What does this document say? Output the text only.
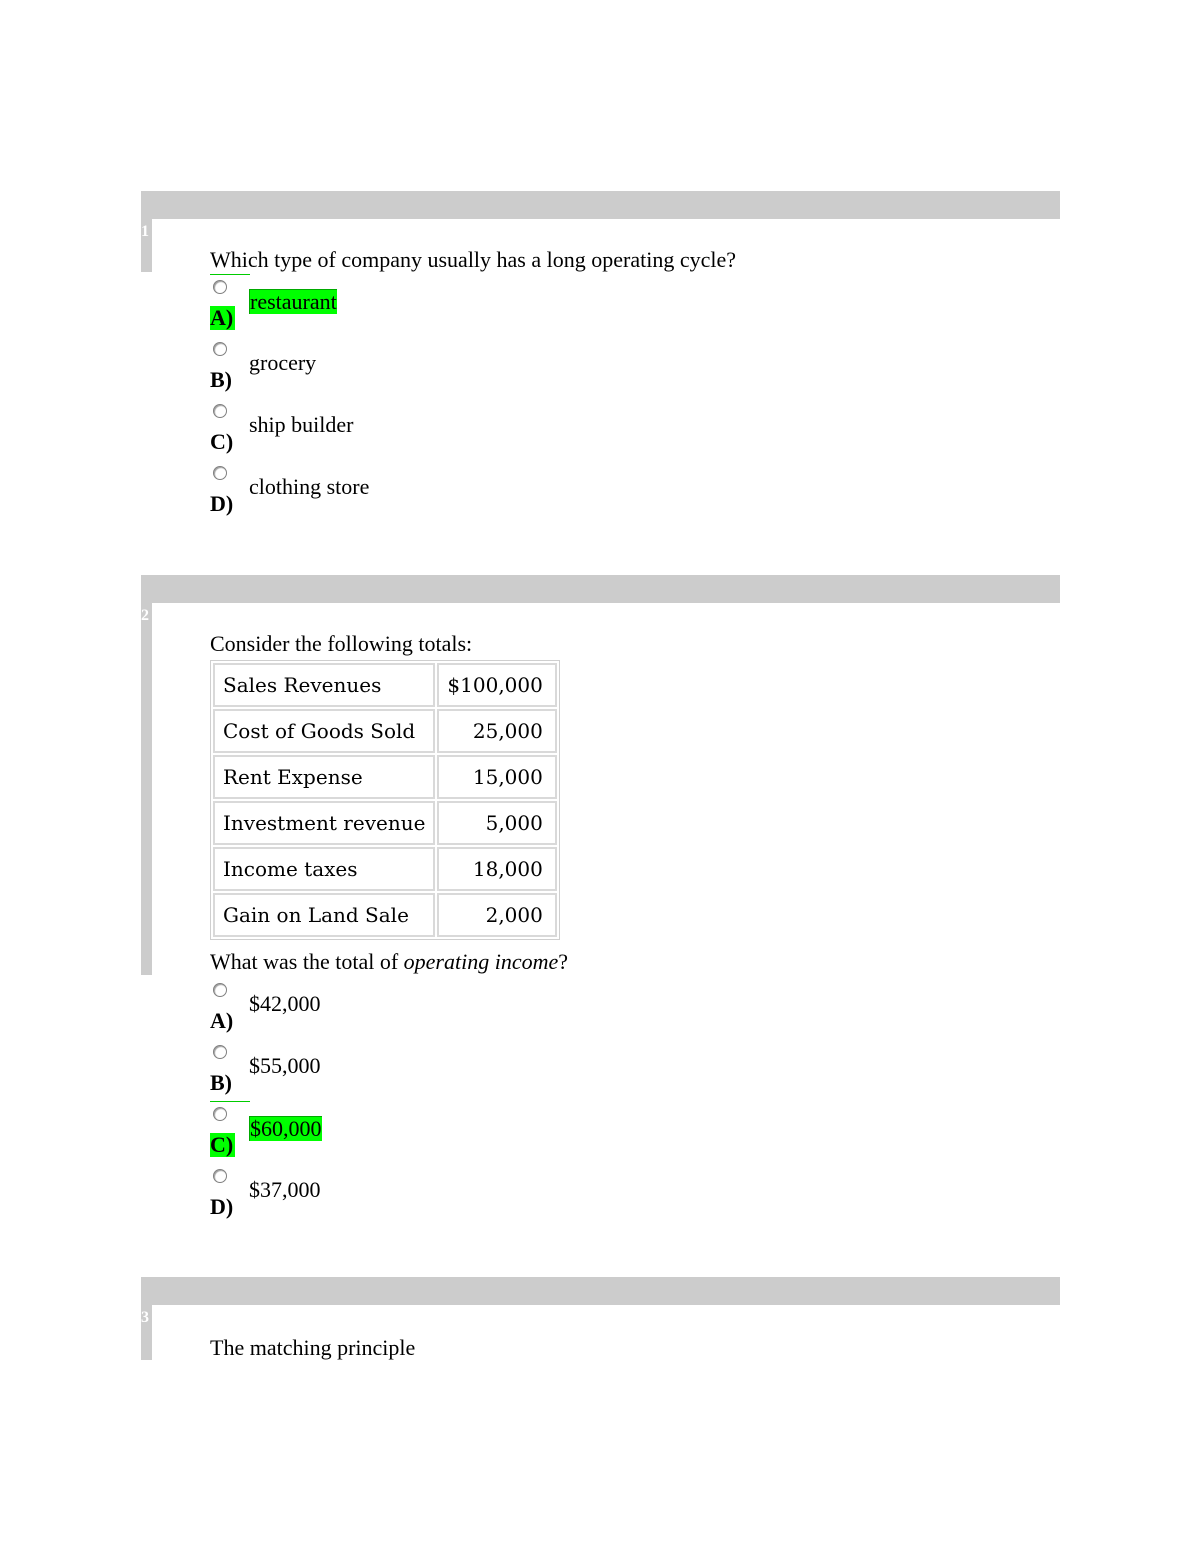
1
Which type of company usually has a long operating cycle?
A)
restaurant
B)
grocery
C)
ship builder
D)
clothing store
2
Consider the following totals:
Sales Revenues	$100,000
Cost of Goods Sold	25,000
Rent Expense	15,000
Investment revenue	5,000
Income taxes	18,000
Gain on Land Sale	2,000
What was the total of operating income?
A)
$42,000
B)
$55,000
C)
$60,000
D)
$37,000
3
The matching principle
